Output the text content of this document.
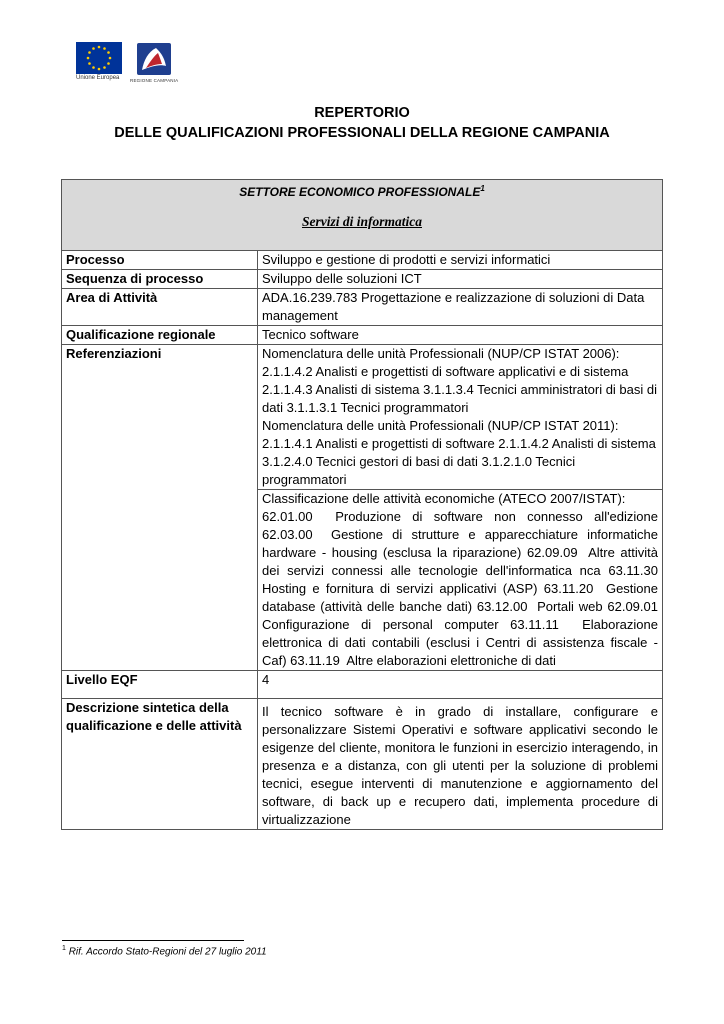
Unione Europea REGIONE CAMPANIA
REPERTORIO
DELLE QUALIFICAZIONI PROFESSIONALI DELLA REGIONE CAMPANIA
SETTORE ECONOMICO PROFESSIONALE$^1$
Servizi di informatica	
Processo	Sviluppo e gestione di prodotti e servizi informatici
Sequenza di processo	Sviluppo delle soluzioni ICT
Area di Attività	ADA.16.239.783 Progettazione e realizzazione di soluzioni di Data management
Qualificazione regionale	Tecnico software
Referenziazioni	Nomenclatura delle unità Professionali (NUP/CP ISTAT 2006): 2.1.1.4.2 Analisti e progettisti di software applicativi e di sistema 2.1.1.4.3 Analisti di sistema 3.1.1.3.4 Tecnici amministratori di basi di dati 3.1.1.3.1 Tecnici programmatori
Nomenclatura delle unità Professionali (NUP/CP ISTAT 2011): 2.1.1.4.1 Analisti e progettisti di software 2.1.1.4.2 Analisti di sistema 3.1.2.4.0 Tecnici gestori di basi di dati 3.1.2.1.0 Tecnici programmatori

	Classificazione delle attività economiche (ATECO 2007/ISTAT):
62.01.00  Produzione di software non connesso all'edizione 62.03.00  Gestione di strutture e apparecchiature informatiche hardware - housing (esclusa la riparazione) 62.09.09  Altre attività dei servizi connessi alle tecnologie dell'informatica nca 63.11.30  Hosting e fornitura di servizi applicativi (ASP) 63.11.20  Gestione database (attività delle banche dati) 63.12.00  Portali web 62.09.01  Configurazione di personal computer 63.11.11  Elaborazione elettronica di dati contabili (esclusi i Centri di assistenza fiscale - Caf) 63.11.19  Altre elaborazioni elettroniche di dati

Livello EQF	4
Descrizione sintetica della qualificazione e delle attività	Il tecnico software è in grado di installare, configurare e personalizzare Sistemi Operativi e software applicativi secondo le esigenze del cliente, monitora le funzioni in esercizio interagendo, in presenza e a distanza, con gli utenti per la soluzione di problemi tecnici, esegue interventi di manutenzione e aggiornamento del software, di back up e recupero dati, implementa procedure di virtualizzazione
$^1$ Rif. Accordo Stato-Regioni del 27 luglio 2011
